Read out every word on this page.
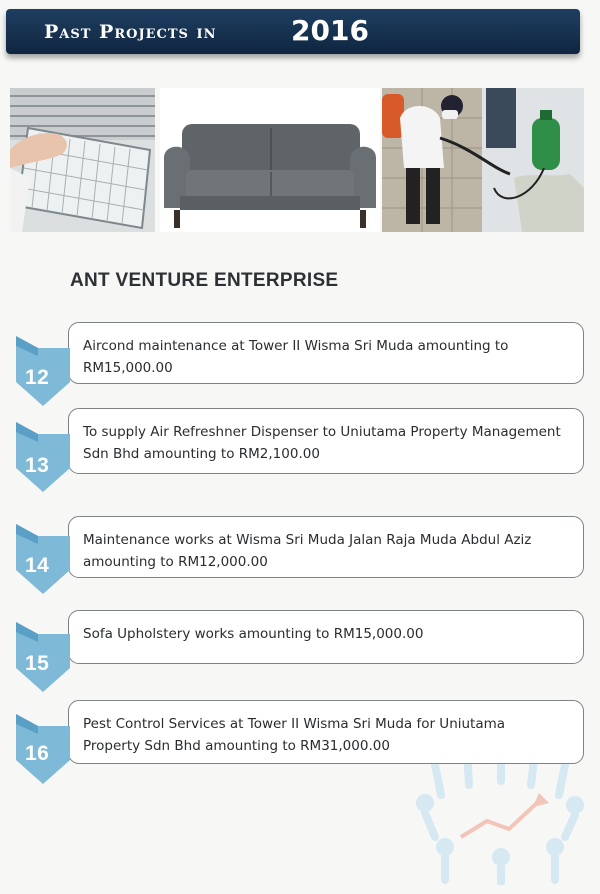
Past Projects in	2016
ANT VENTURE ENTERPRISE
Aircond maintenance at Tower II Wisma Sri Muda amounting to
RM15,000.00
12
To supply Air Refreshner Dispenser to Uniutama Property Management
Sdn Bhd amounting to RM2,100.00
13
Maintenance works at Wisma Sri Muda Jalan Raja Muda Abdul Aziz
amounting to RM12,000.00
14
Sofa Upholstery works amounting to RM15,000.00
15
Pest Control Services at Tower II Wisma Sri Muda for Uniutama
Property Sdn Bhd amounting to RM31,000.00
16
